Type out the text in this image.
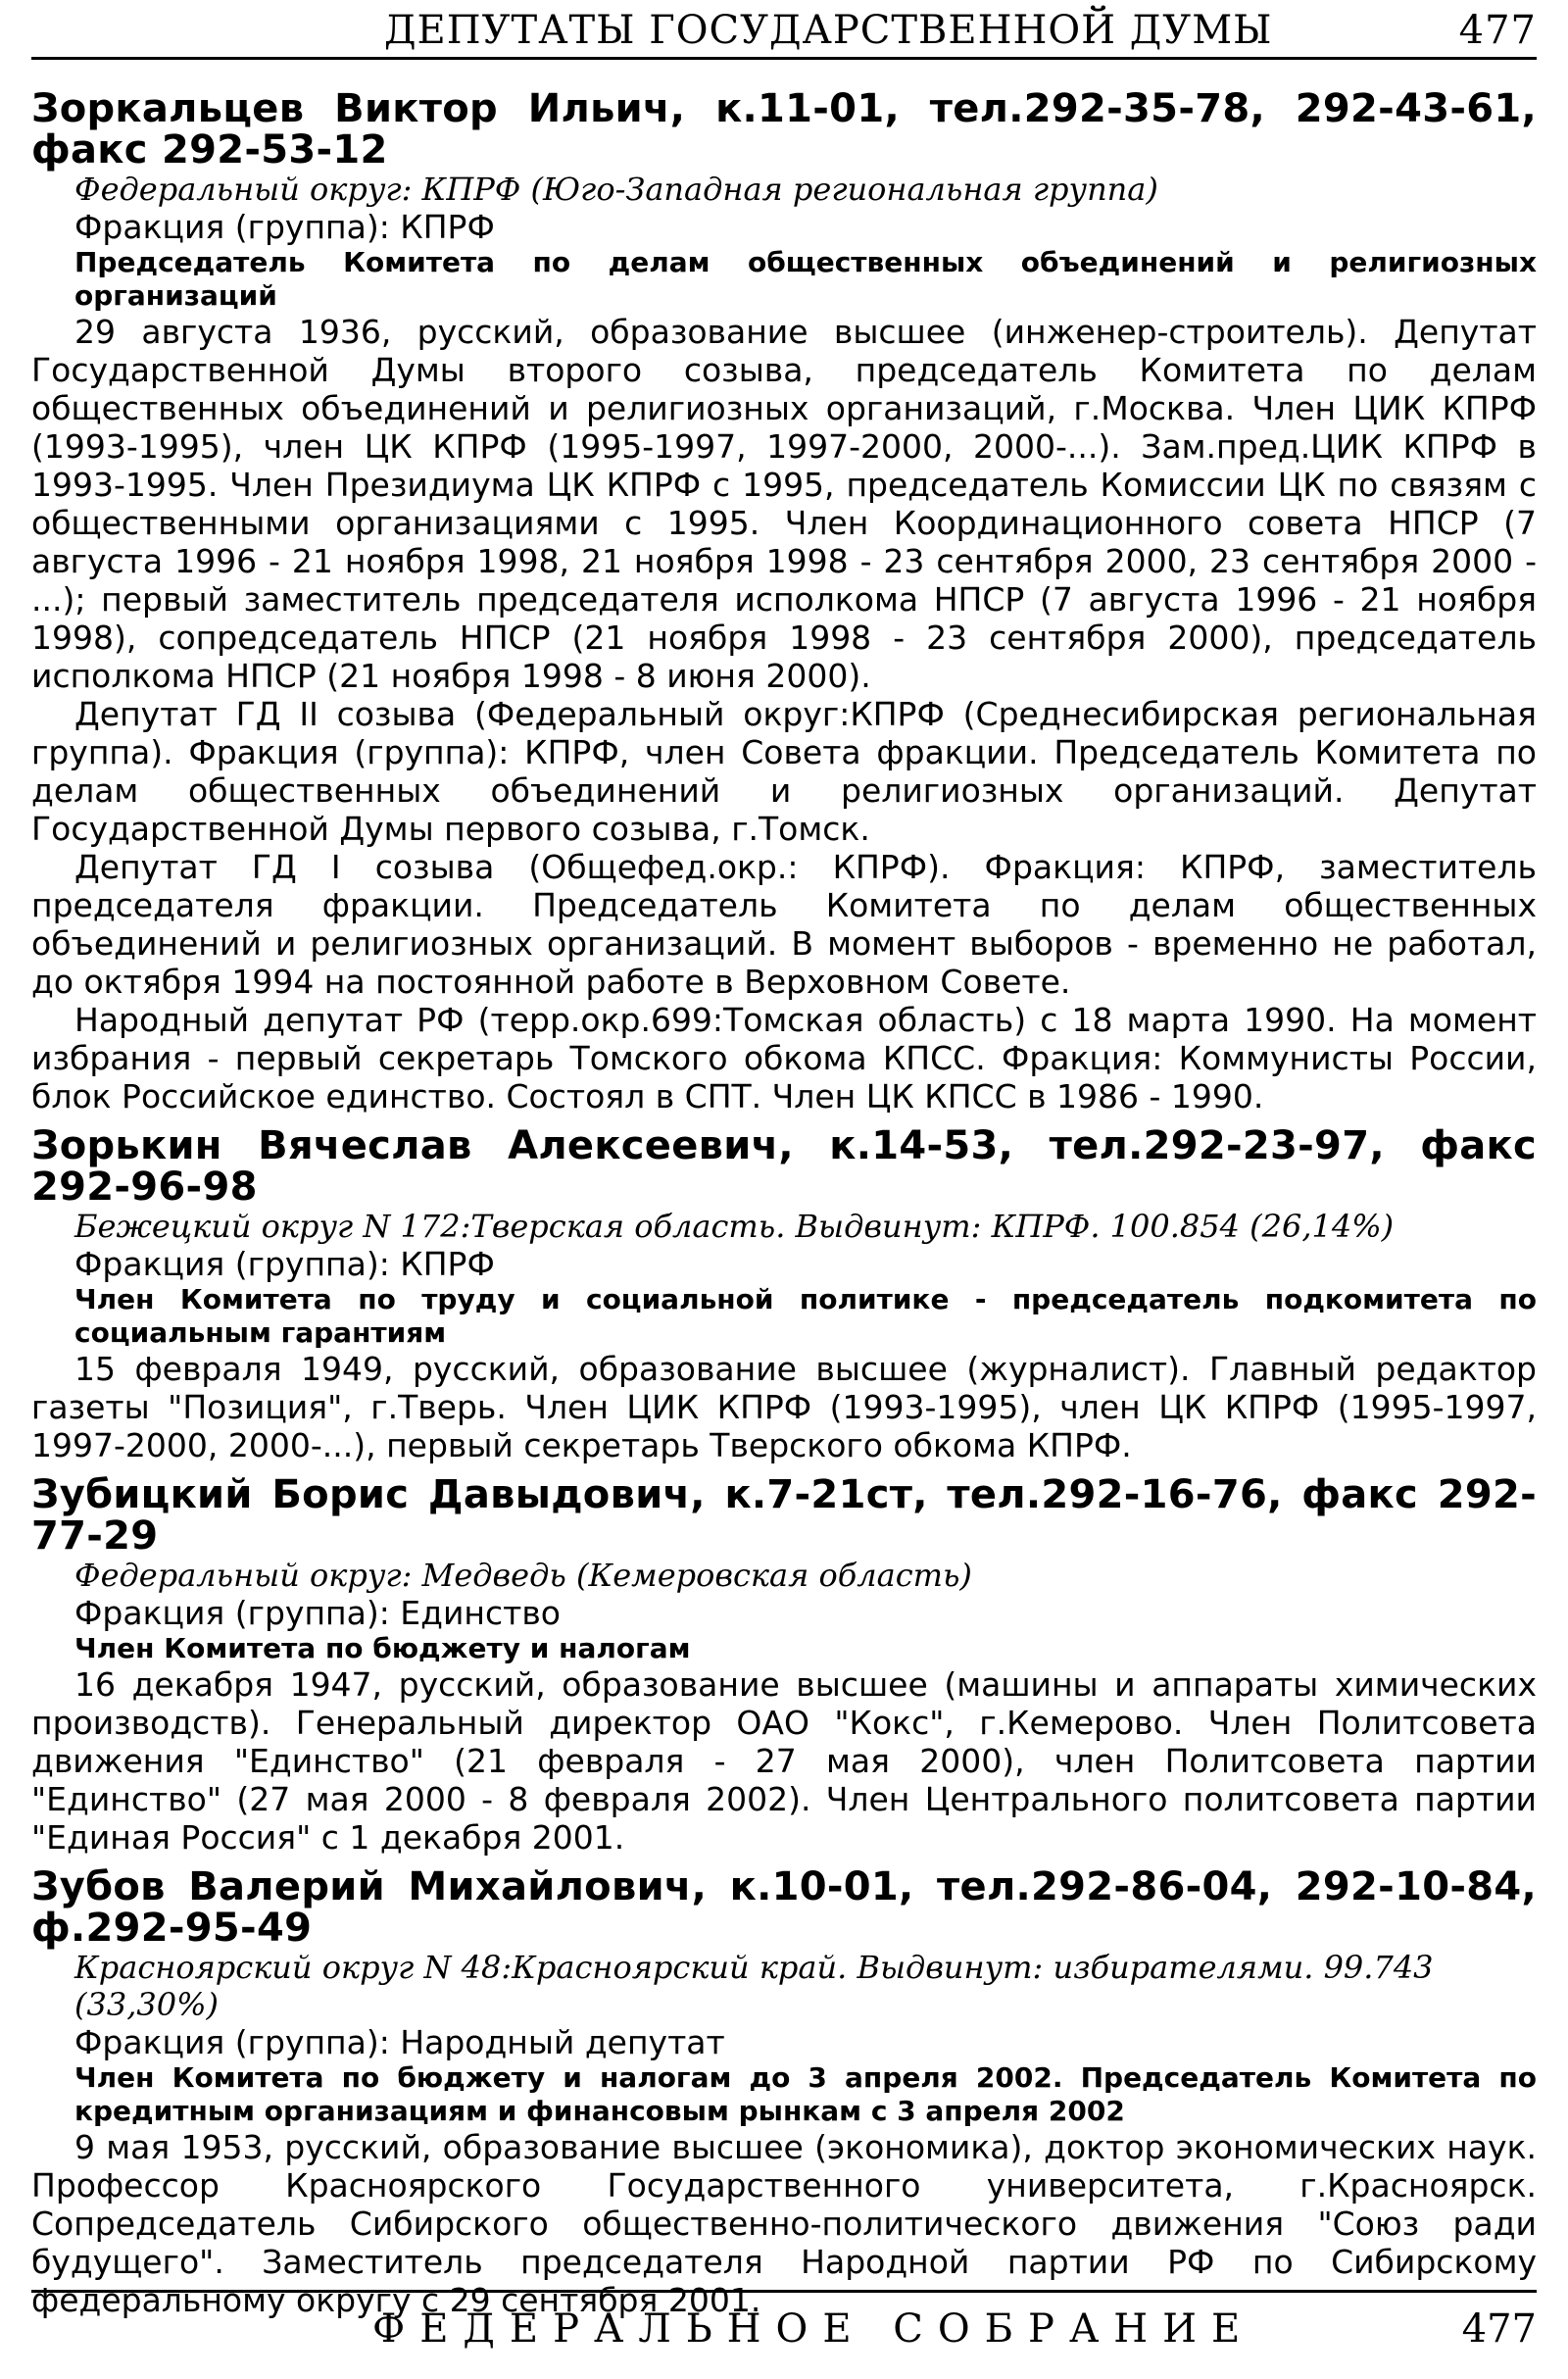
ДЕПУТАТЫ ГОСУДАРСТВЕННОЙ ДУМЫ	477
Зоркальцев Виктор Ильич, к.11-01, тел.292-35-78, 292-43-61, факс 292-53-12
Федеральный округ: КПРФ (Юго-Западная региональная группа)
Фракция (группа): КПРФ
Председатель Комитета по делам общественных объединений и религиозных организаций

29 августа 1936, русский, образование высшее (инженер-строитель). Депутат Государственной Думы второго созыва, председатель Комитета по делам общественных объединений и религиозных организаций, г.Москва. Член ЦИК КПРФ (1993-1995), член ЦК КПРФ (1995-1997, 1997-2000, 2000-...). Зам.пред.ЦИК КПРФ в 1993-1995. Член Президиума ЦК КПРФ с 1995, председатель Комиссии ЦК по связям с общественными организациями с 1995. Член Координационного совета НПСР (7 августа 1996 - 21 ноября 1998, 21 ноября 1998 - 23 сентября 2000, 23 сентября 2000 - ...); первый заместитель председателя исполкома НПСР (7 августа 1996 - 21 ноября 1998), сопредседатель НПСР (21 ноября 1998 - 23 сентября 2000), председатель исполкома НПСР (21 ноября 1998 - 8 июня 2000).

Депутат ГД II созыва (Федеральный округ:КПРФ (Среднесибирская региональная группа). Фракция (группа): КПРФ, член Совета фракции. Председатель Комитета по делам общественных объединений и религиозных организаций. Депутат Государственной Думы первого созыва, г.Томск.

Депутат ГД I созыва (Общефед.окр.: КПРФ). Фракция: КПРФ, заместитель председателя фракции. Председатель Комитета по делам общественных объединений и религиозных организаций. В момент выборов - временно не работал, до октября 1994 на постоянной работе в Верховном Совете.

Народный депутат РФ (терр.окр.699:Томская область) с 18 марта 1990. На момент избрания - первый секретарь Томского обкома КПСС. Фракция: Коммунисты России, блок Российское единство. Состоял в СПТ. Член ЦК КПСС в 1986 - 1990.

Зорькин Вячеслав Алексеевич, к.14-53, тел.292-23-97, факс 292-96-98
Бежецкий округ N 172:Тверская область. Выдвинут: КПРФ. 100.854 (26,14%)
Фракция (группа): КПРФ
Член Комитета по труду и социальной политике - председатель подкомитета по социальным гарантиям

15 февраля 1949, русский, образование высшее (журналист). Главный редактор газеты "Позиция", г.Тверь. Член ЦИК КПРФ (1993-1995), член ЦК КПРФ (1995-1997, 1997-2000, 2000-...), первый секретарь Тверского обкома КПРФ.

Зубицкий Борис Давыдович, к.7-21ст, тел.292-16-76, факс 292-77-29
Федеральный округ: Медведь (Кемеровская область)
Фракция (группа): Единство
Член Комитета по бюджету и налогам

16 декабря 1947, русский, образование высшее (машины и аппараты химических производств). Генеральный директор ОАО "Кокс", г.Кемерово. Член Политсовета движения "Единство" (21 февраля - 27 мая 2000), член Политсовета партии "Единство" (27 мая 2000 - 8 февраля 2002). Член Центрального политсовета партии "Единая Россия" с 1 декабря 2001.

Зубов Валерий Михайлович, к.10-01, тел.292-86-04, 292-10-84, ф.292-95-49
Красноярский округ N 48:Красноярский край. Выдвинут: избирателями. 99.743 (33,30%)
Фракция (группа): Народный депутат
Член Комитета по бюджету и налогам до 3 апреля 2002. Председатель Комитета по кредитным организациям и финансовым рынкам с 3 апреля 2002

9 мая 1953, русский, образование высшее (экономика), доктор экономических наук. Профессор Красноярского Государственного университета, г.Красноярск. Сопредседатель Сибирского общественно-политического движения "Союз ради будущего". Заместитель председателя Народной партии РФ по Сибирскому федеральному округу с 29 сентября 2001.

ФЕДЕРАЛЬНОЕ СОБРАНИЕ	477
